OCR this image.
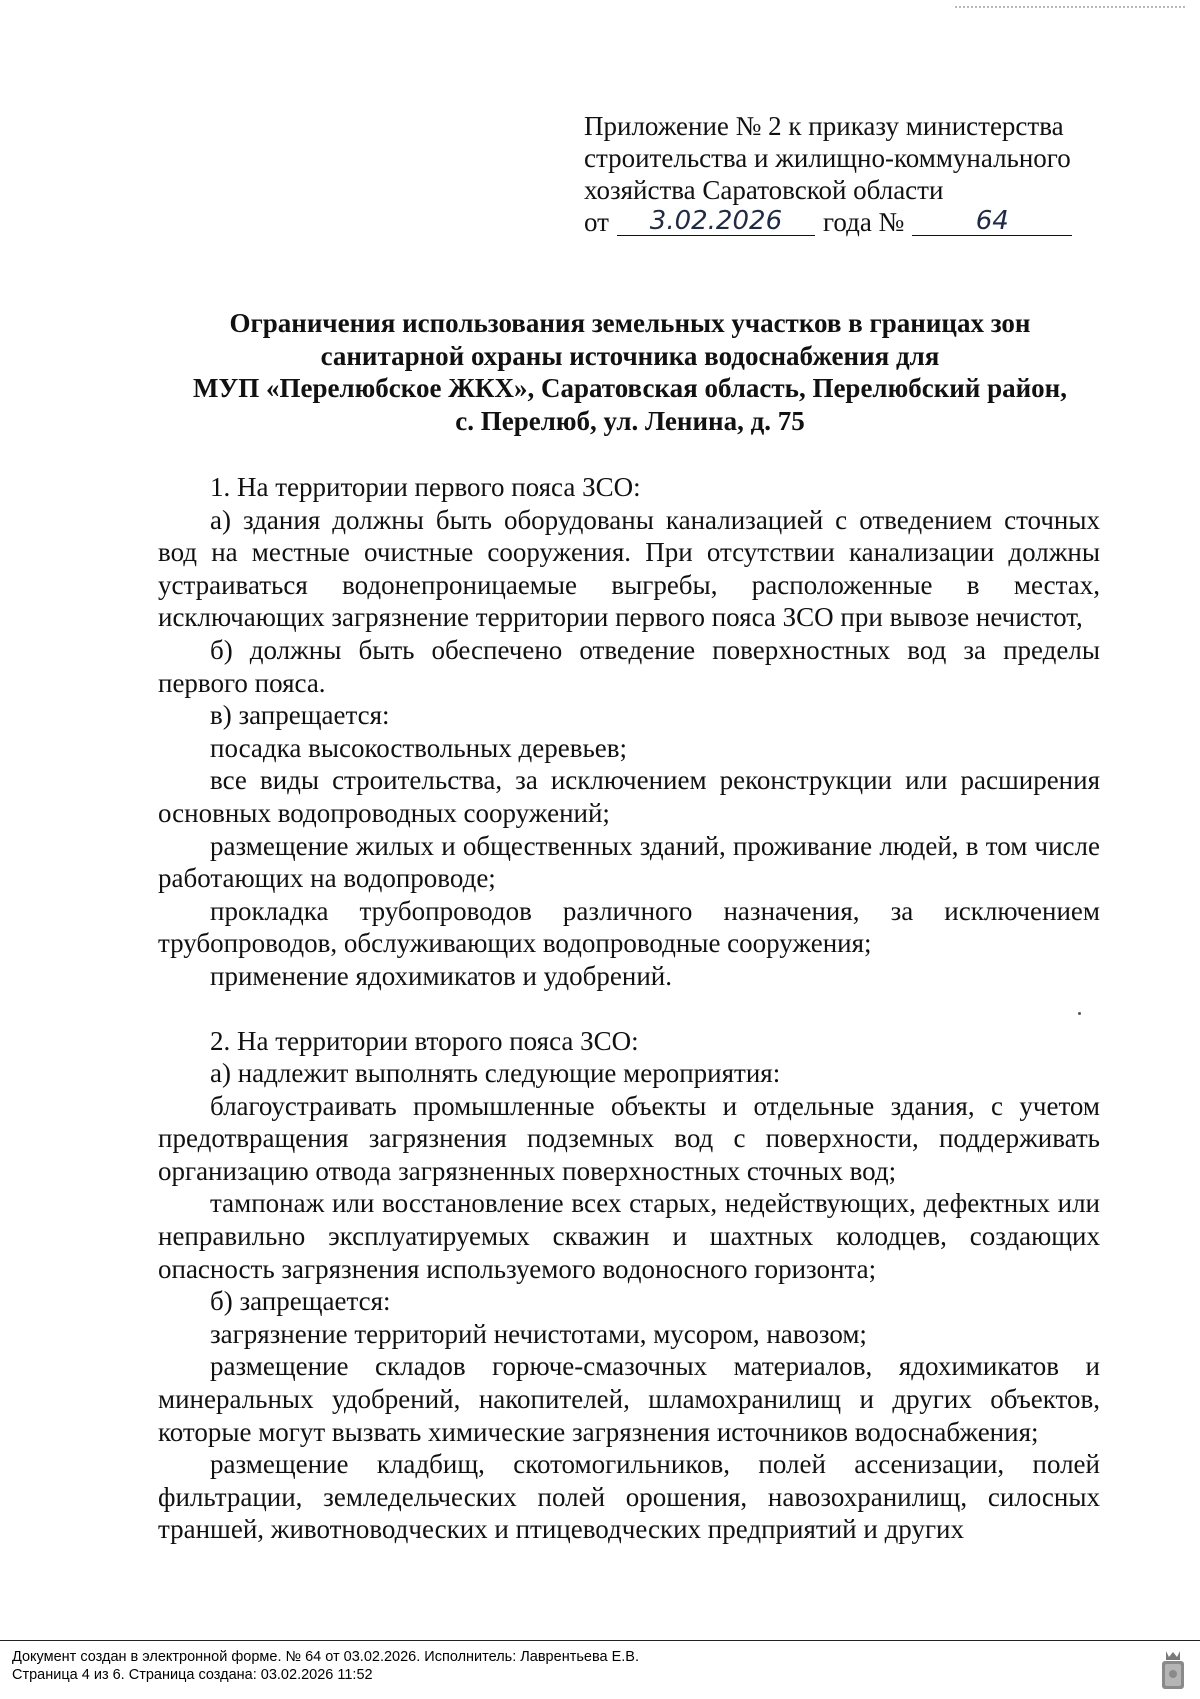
Приложение № 2 к приказу министерства
строительства и жилищно-коммунального
хозяйства Саратовской области
от 3.02.2026 года №	64
Ограничения использования земельных участков в границах зон
санитарной охраны источника водоснабжения для
МУП «Перелюбское ЖКХ», Саратовская область, Перелюбский район,
с. Перелюб, ул. Ленина, д. 75

1. На территории первого пояса ЗСО:

а) здания должны быть оборудованы канализацией с отведением сточных вод на местные очистные сооружения. При отсутствии канализации должны устраиваться водонепроницаемые выгребы, расположенные в местах, исключающих загрязнение территории первого пояса ЗСО при вывозе нечистот,

б) должны быть обеспечено отведение поверхностных вод за пределы первого пояса.

в) запрещается:

посадка высокоствольных деревьев;

все виды строительства, за исключением реконструкции или расширения основных водопроводных сооружений;

размещение жилых и общественных зданий, проживание людей, в том числе работающих на водопроводе;

прокладка трубопроводов различного назначения, за исключением трубопроводов, обслуживающих водопроводные сооружения;

применение ядохимикатов и удобрений.

2. На территории второго пояса ЗСО:

а) надлежит выполнять следующие мероприятия:

благоустраивать промышленные объекты и отдельные здания, с учетом предотвращения загрязнения подземных вод с поверхности, поддерживать организацию отвода загрязненных поверхностных сточных вод;

тампонаж или восстановление всех старых, недействующих, дефектных или неправильно эксплуатируемых скважин и шахтных колодцев, создающих опасность загрязнения используемого водоносного горизонта;

б) запрещается:

загрязнение территорий нечистотами, мусором, навозом;

размещение складов горюче-смазочных материалов, ядохимикатов и минеральных удобрений, накопителей, шламохранилищ и других объектов, которые могут вызвать химические загрязнения источников водоснабжения;

размещение кладбищ, скотомогильников, полей ассенизации, полей фильтрации, земледельческих полей орошения, навозохранилищ, силосных траншей, животноводческих и птицеводческих предприятий и других

Документ создан в электронной форме. № 64 от 03.02.2026. Исполнитель: Лаврентьева Е.В.
Страница 4 из 6. Страница создана: 03.02.2026 11:52
